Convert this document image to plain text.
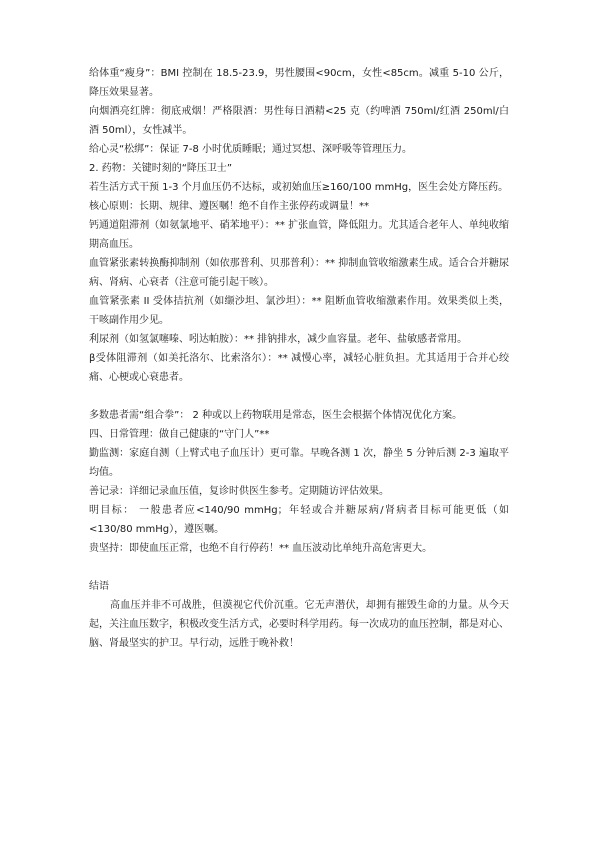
给体重“瘦身”：BMI 控制在 18.5-23.9，男性腰围<90cm，女性<85cm。减重 5-10 公斤，降压效果显著。

向烟酒亮红牌：彻底戒烟！严格限酒：男性每日酒精<25 克（约啤酒 750ml/红酒 250ml/白酒 50ml），女性减半。

给心灵“松绑”：保证 7-8 小时优质睡眠；通过冥想、深呼吸等管理压力。

2. 药物：关键时刻的“降压卫士”

若生活方式干预 1-3 个月血压仍不达标，或初始血压≥160/100 mmHg，医生会处方降压药。

核心原则：长期、规律、遵医嘱！绝不自作主张停药或调量！**

钙通道阻滞剂（如氨氯地平、硝苯地平）：** 扩张血管，降低阻力。尤其适合老年人、单纯收缩期高血压。

血管紧张素转换酶抑制剂（如依那普利、贝那普利）：** 抑制血管收缩激素生成。适合合并糖尿病、肾病、心衰者（注意可能引起干咳）。

血管紧张素 II 受体拮抗剂（如缬沙坦、氯沙坦）：** 阻断血管收缩激素作用。效果类似上类，干咳副作用少见。

利尿剂（如氢氯噻嗪、吲达帕胺）：** 排钠排水，减少血容量。老年、盐敏感者常用。

β受体阻滞剂（如美托洛尔、比索洛尔）：** 减慢心率，减轻心脏负担。尤其适用于合并心绞痛、心梗或心衰患者。

多数患者需“组合拳”： 2 种或以上药物联用是常态，医生会根据个体情况优化方案。

四、日常管理：做自己健康的“守门人”**

勤监测：家庭自测（上臂式电子血压计）更可靠。早晚各测 1 次，静坐 5 分钟后测 2-3 遍取平均值。

善记录：详细记录血压值，复诊时供医生参考。定期随访评估效果。

明目标： 一般患者应<140/90 mmHg；年轻或合并糖尿病/肾病者目标可能更低（如<130/80 mmHg），遵医嘱。

贵坚持：即使血压正常，也绝不自行停药！** 血压波动比单纯升高危害更大。

结语

高血压并非不可战胜，但漠视它代价沉重。它无声潜伏，却拥有摧毁生命的力量。从今天起，关注血压数字，积极改变生活方式，必要时科学用药。每一次成功的血压控制，都是对心、脑、肾最坚实的护卫。早行动，远胜于晚补救！
